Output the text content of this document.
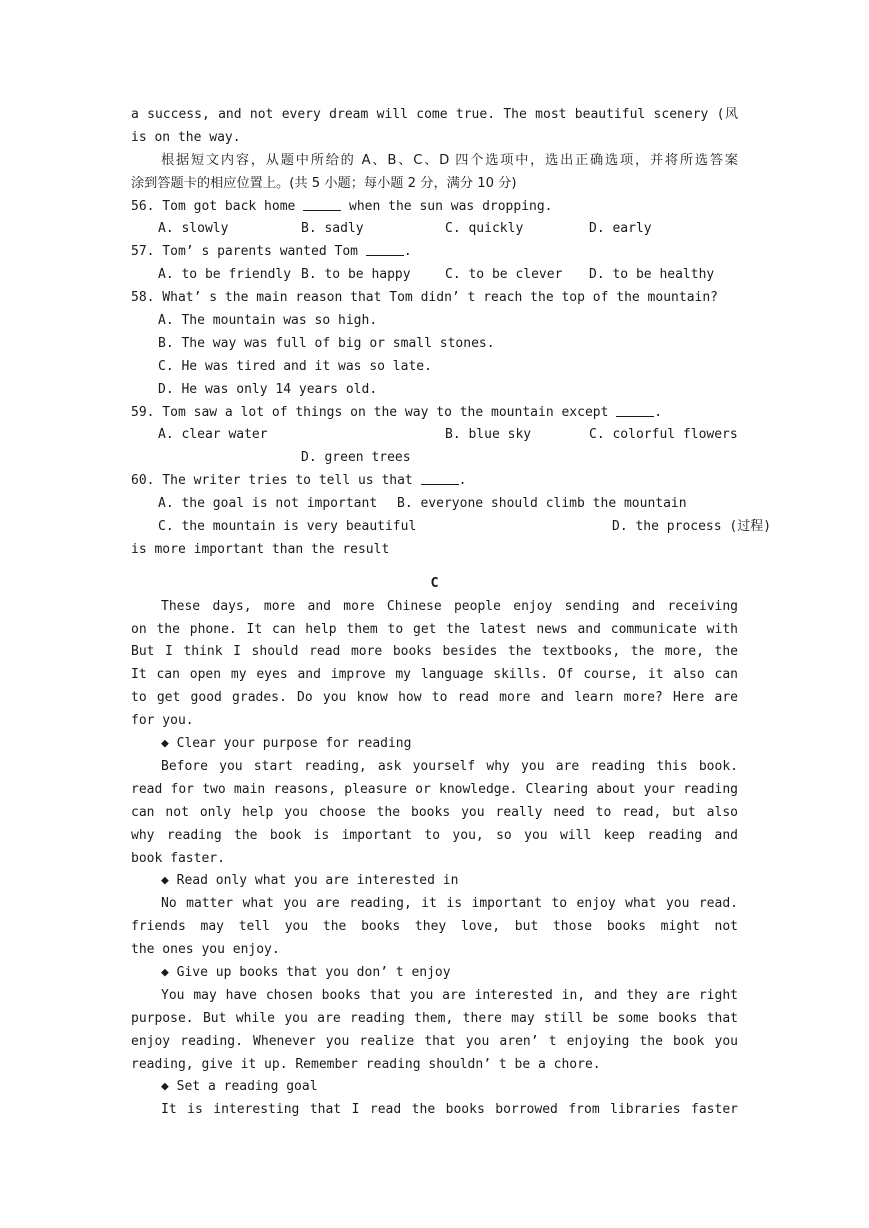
a success, and not every dream will come true. The most beautiful scenery (风
is on the way.
根据短文内容，从题中所给的 A、B、C、D 四个选项中，选出正确选项，并将所选答案
涂到答题卡的相应位置上。(共 5 小题；每小题 2 分，满分 10 分)
56. Tom got back home	when the sun was dropping.
A. slowly	B. sadly	C. quickly	D. early
57. Tom’ s parents wanted Tom	.
A. to be friendly B. to be happy	C. to be clever D. to be healthy
58. What’ s the main reason that Tom didn’ t reach the top of the mountain?
A. The mountain was so high.
B. The way was full of big or small stones.
C. He was tired and it was so late.
D. He was only 14 years old.
59. Tom saw a lot of things on the way to the mountain except	.
A. clear water	B. blue sky	C. colorful flowers
D. green trees
60. The writer tries to tell us that	.
A. the goal is not important B. everyone should climb the mountain
C. the mountain is very beautiful	D. the process (过程)
is more important than the result
C
These days, more and more Chinese people enjoy sending and receiving
on the phone. It can help them to get the latest news and communicate with
But I think I should read more books besides the textbooks, the more, the
It can open my eyes and improve my language skills. Of course, it also can
to get good grades. Do you know how to read more and learn more? Here are
for you.
◆ Clear your purpose for reading
Before you start reading, ask yourself why you are reading this book.
read for two main reasons, pleasure or knowledge. Clearing about your reading
can not only help you choose the books you really need to read, but also
why reading the book is important to you, so you will keep reading and
book faster.
◆ Read only what you are interested in
No matter what you are reading, it is important to enjoy what you read.
friends may tell you the books they love, but those books might not
the ones you enjoy.
◆ Give up books that you don’ t enjoy
You may have chosen books that you are interested in, and they are right
purpose. But while you are reading them, there may still be some books that
enjoy reading. Whenever you realize that you aren’ t enjoying the book you
reading, give it up. Remember reading shouldn’ t be a chore.
◆ Set a reading goal
It is interesting that I read the books borrowed from libraries faster
